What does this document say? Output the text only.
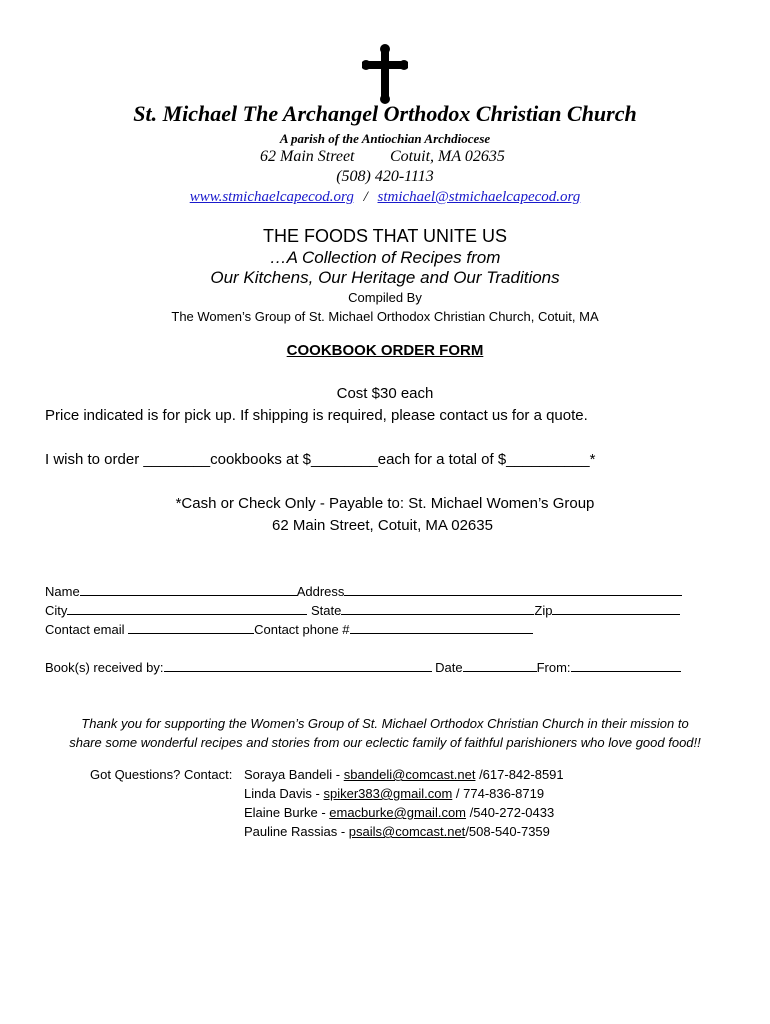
St. Michael The Archangel Orthodox Christian Church
A parish of the Antiochian Archdiocese
62 Main Street Cotuit, MA 02635
(508) 420-1113
www.stmichaelcapecod.org / stmichael@stmichaelcapecod.org
THE FOODS THAT UNITE US
…A Collection of Recipes from
Our Kitchens, Our Heritage and Our Traditions
Compiled By
The Women’s Group of St. Michael Orthodox Christian Church, Cotuit, MA
COOKBOOK ORDER FORM
Cost $30 each
Price indicated is for pick up. If shipping is required, please contact us for a quote.
I wish to order ________cookbooks at $________each for a total of $__________*
*Cash or Check Only - Payable to: St. Michael Women’s Group
62 Main Street, Cotuit, MA 02635
Name	Address
City	State	Zip
Contact email	Contact phone #
Book(s) received by:	Date	From:
Thank you for supporting the Women’s Group of St. Michael Orthodox Christian Church in their mission to
share some wonderful recipes and stories from our eclectic family of faithful parishioners who love good food!!
Got Questions? Contact: Soraya Bandeli - sbandeli@comcast.net /617-842-8591
Linda Davis - spiker383@gmail.com / 774-836-8719
Elaine Burke - emacburke@gmail.com /540-272-0433
Pauline Rassias - psails@comcast.net/508-540-7359
